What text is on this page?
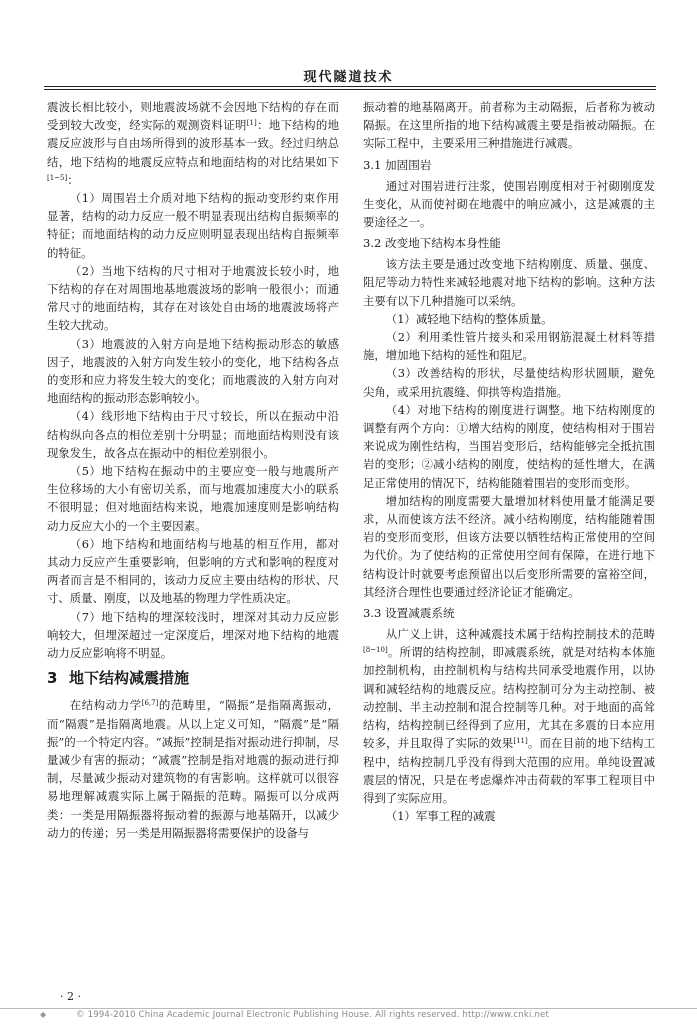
现代隧道技术

震波长相比较小，则地震波场就不会因地下结构的存在而受到较大改变，经实际的观测资料证明[1]：地下结构的地震反应波形与自由场所得到的波形基本一致。经过归纳总结，地下结构的地震反应特点和地面结构的对比结果如下[1~5]：

（1）周围岩土介质对地下结构的振动变形约束作用显著，结构的动力反应一般不明显表现出结构自振频率的特征；而地面结构的动力反应则明显表现出结构自振频率的特征。

（2）当地下结构的尺寸相对于地震波长较小时，地下结构的存在对周围地基地震波场的影响一般很小；而通常尺寸的地面结构，其存在对该处自由场的地震波场将产生较大扰动。

（3）地震波的入射方向是地下结构振动形态的敏感因子，地震波的入射方向发生较小的变化，地下结构各点的变形和应力将发生较大的变化；而地震波的入射方向对地面结构的振动形态影响较小。

（4）线形地下结构由于尺寸较长，所以在振动中沿结构纵向各点的相位差别十分明显；而地面结构则没有该现象发生，故各点在振动中的相位差别很小。

（5）地下结构在振动中的主要应变一般与地震所产生位移场的大小有密切关系，而与地震加速度大小的联系不很明显；但对地面结构来说，地震加速度则是影响结构动力反应大小的一个主要因素。

（6）地下结构和地面结构与地基的相互作用，都对其动力反应产生重要影响，但影响的方式和影响的程度对两者而言是不相同的，该动力反应主要由结构的形状、尺寸、质量、刚度，以及地基的物理力学性质决定。

（7）地下结构的埋深较浅时，埋深对其动力反应影响较大，但埋深超过一定深度后，埋深对地下结构的地震动力反应影响将不明显。

3 地下结构减震措施

在结构动力学[6,7]的范畴里，“隔振”是指隔离振动，而“隔震”是指隔离地震。从以上定义可知，“隔震”是“隔振”的一个特定内容。“减振”控制是指对振动进行抑制，尽量减少有害的振动；“减震”控制是指对地震的振动进行抑制，尽量减少振动对建筑物的有害影响。这样就可以很容易地理解减震实际上属于隔振的范畴。隔振可以分成两类：一类是用隔振器将振动着的振源与地基隔开，以减少动力的传递；另一类是用隔振器将需要保护的设备与

振动着的地基隔离开。前者称为主动隔振，后者称为被动隔振。在这里所指的地下结构减震主要是指被动隔振。在实际工程中，主要采用三种措施进行减震。

3.1 加固围岩

通过对围岩进行注浆，使围岩刚度相对于衬砌刚度发生变化，从而使衬砌在地震中的响应减小，这是减震的主要途径之一。

3.2 改变地下结构本身性能

该方法主要是通过改变地下结构刚度、质量、强度、阻尼等动力特性来减轻地震对地下结构的影响。这种方法主要有以下几种措施可以采纳。

（1）减轻地下结构的整体质量。

（2）利用柔性管片接头和采用钢筋混凝土材料等措施，增加地下结构的延性和阻尼。

（3）改善结构的形状，尽量使结构形状圆顺，避免尖角，或采用抗震缝、仰拱等构造措施。

（4）对地下结构的刚度进行调整。地下结构刚度的调整有两个方向：①增大结构的刚度，使结构相对于围岩来说成为刚性结构，当围岩变形后，结构能够完全抵抗围岩的变形；②减小结构的刚度，使结构的延性增大，在满足正常使用的情况下，结构能随着围岩的变形而变形。

增加结构的刚度需要大量增加材料使用量才能满足要求，从而使该方法不经济。减小结构刚度，结构能随着围岩的变形而变形，但该方法要以牺牲结构正常使用的空间为代价。为了使结构的正常使用空间有保障，在进行地下结构设计时就要考虑预留出以后变形所需要的富裕空间，其经济合理性也要通过经济论证才能确定。

3.3 设置减震系统

从广义上讲，这种减震技术属于结构控制技术的范畴[8~10]。所谓的结构控制，即减震系统，就是对结构本体施加控制机构，由控制机构与结构共同承受地震作用，以协调和减轻结构的地震反应。结构控制可分为主动控制、被动控制、半主动控制和混合控制等几种。对于地面的高耸结构，结构控制已经得到了应用，尤其在多震的日本应用较多，并且取得了实际的效果[11]。而在目前的地下结构工程中，结构控制几乎没有得到大范围的应用。单纯设置减震层的情况，只是在考虑爆炸冲击荷载的军事工程项目中得到了实际应用。

（1）军事工程的减震

· 2 ·
◆	© 1994-2010 China Academic Journal Electronic Publishing House. All rights reserved. http://www.cnki.net
